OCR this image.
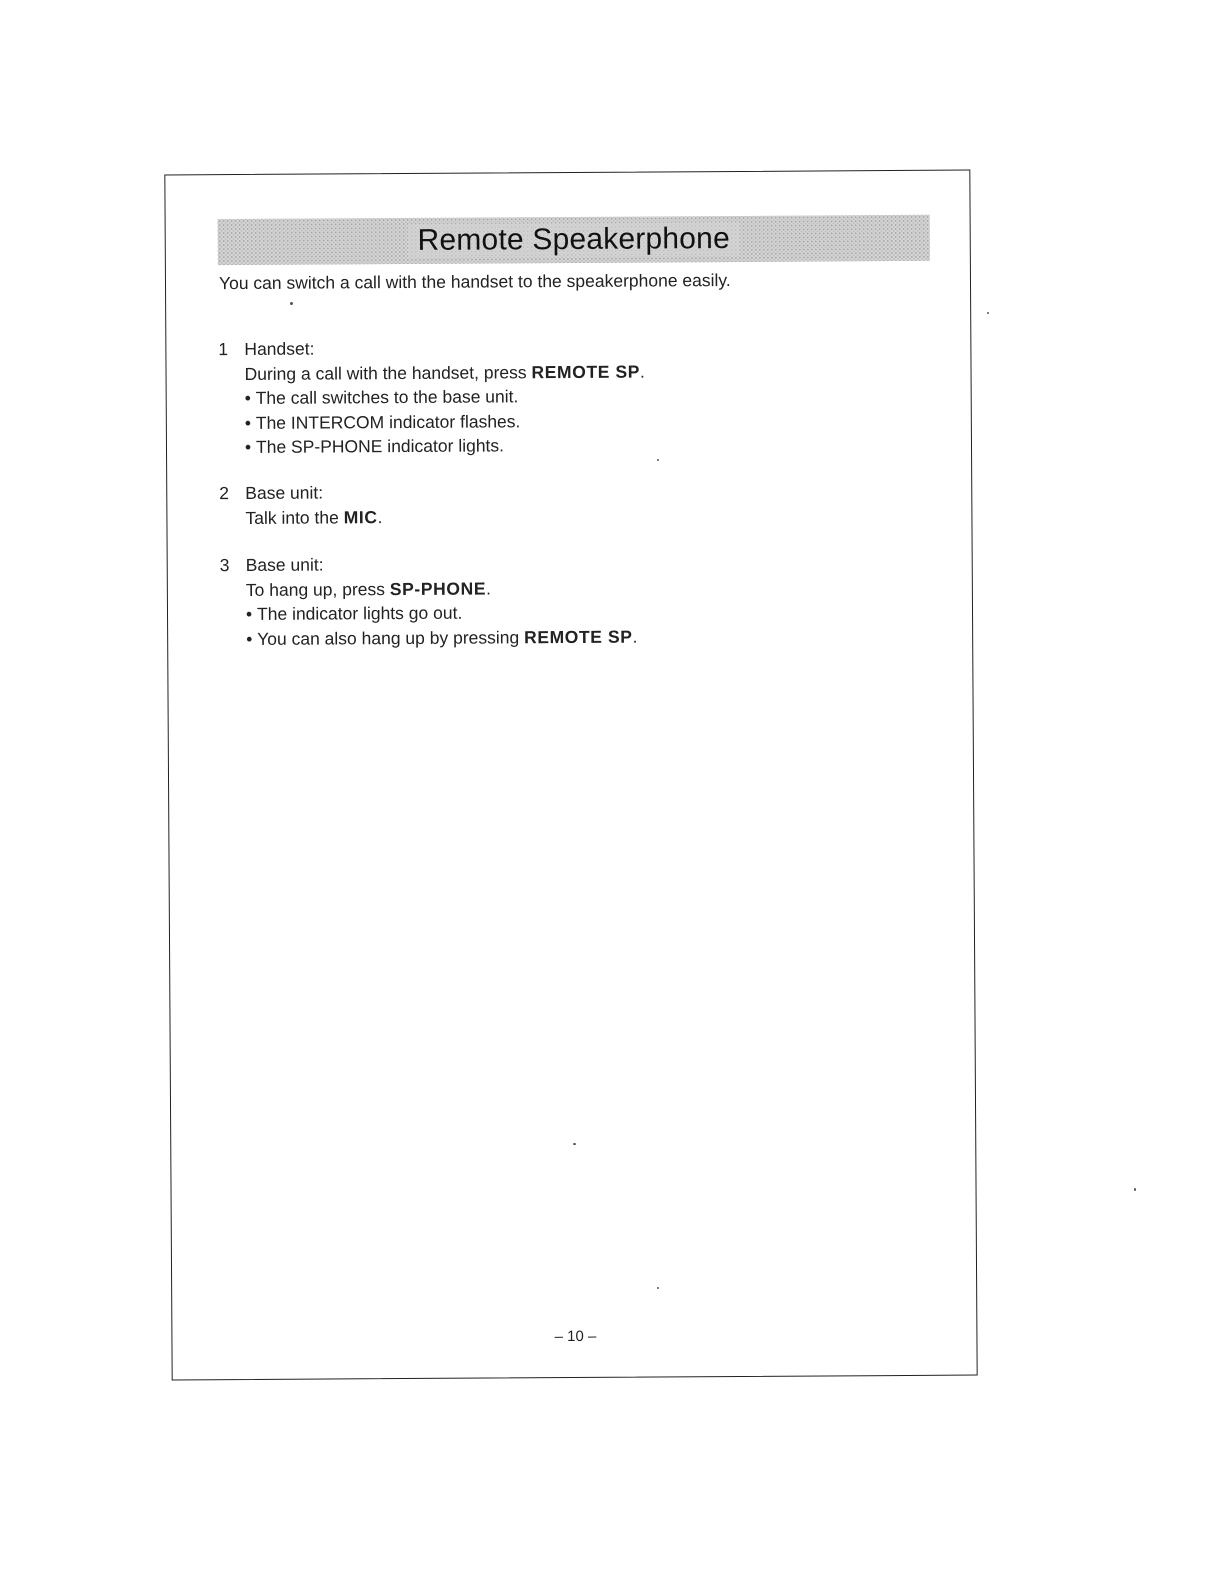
Remote Speakerphone
You can switch a call with the handset to the speakerphone easily.
1 Handset:
During a call with the handset, press REMOTE SP.
• The call switches to the base unit.
• The INTERCOM indicator flashes.
• The SP-PHONE indicator lights.
2 Base unit:
Talk into the MIC.
3 Base unit:
To hang up, press SP-PHONE.
• The indicator lights go out.
• You can also hang up by pressing REMOTE SP.
– 10 –
